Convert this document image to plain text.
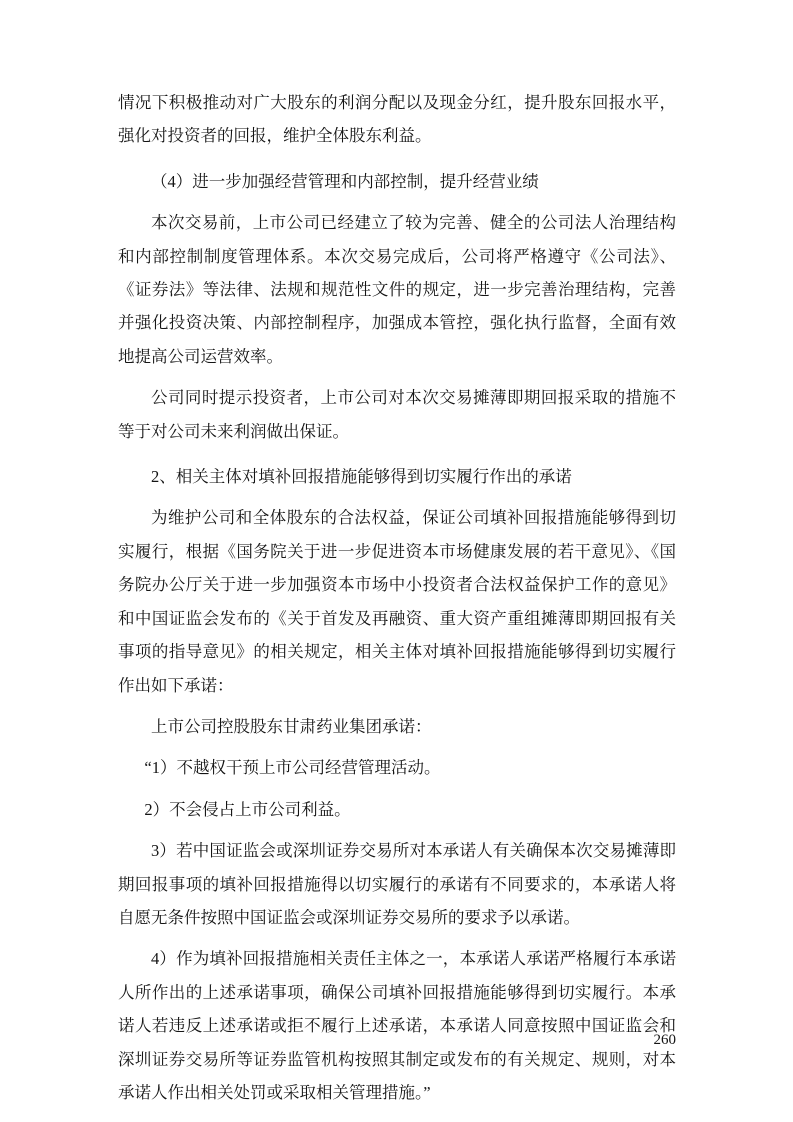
情况下积极推动对广大股东的利润分配以及现金分红，提升股东回报水平，强化对投资者的回报，维护全体股东利益。

（4）进一步加强经营管理和内部控制，提升经营业绩

本次交易前，上市公司已经建立了较为完善、健全的公司法人治理结构和内部控制制度管理体系。本次交易完成后，公司将严格遵守《公司法》、《证券法》等法律、法规和规范性文件的规定，进一步完善治理结构，完善并强化投资决策、内部控制程序，加强成本管控，强化执行监督，全面有效地提高公司运营效率。

公司同时提示投资者，上市公司对本次交易摊薄即期回报采取的措施不等于对公司未来利润做出保证。

2、相关主体对填补回报措施能够得到切实履行作出的承诺

为维护公司和全体股东的合法权益，保证公司填补回报措施能够得到切实履行，根据《国务院关于进一步促进资本市场健康发展的若干意见》、《国务院办公厅关于进一步加强资本市场中小投资者合法权益保护工作的意见》和中国证监会发布的《关于首发及再融资、重大资产重组摊薄即期回报有关事项的指导意见》的相关规定，相关主体对填补回报措施能够得到切实履行作出如下承诺：

上市公司控股股东甘肃药业集团承诺：

“1）不越权干预上市公司经营管理活动。

2）不会侵占上市公司利益。

3）若中国证监会或深圳证券交易所对本承诺人有关确保本次交易摊薄即期回报事项的填补回报措施得以切实履行的承诺有不同要求的，本承诺人将自愿无条件按照中国证监会或深圳证券交易所的要求予以承诺。

4）作为填补回报措施相关责任主体之一，本承诺人承诺严格履行本承诺人所作出的上述承诺事项，确保公司填补回报措施能够得到切实履行。本承诺人若违反上述承诺或拒不履行上述承诺，本承诺人同意按照中国证监会和深圳证券交易所等证券监管机构按照其制定或发布的有关规定、规则，对本承诺人作出相关处罚或采取相关管理措施。”

260
